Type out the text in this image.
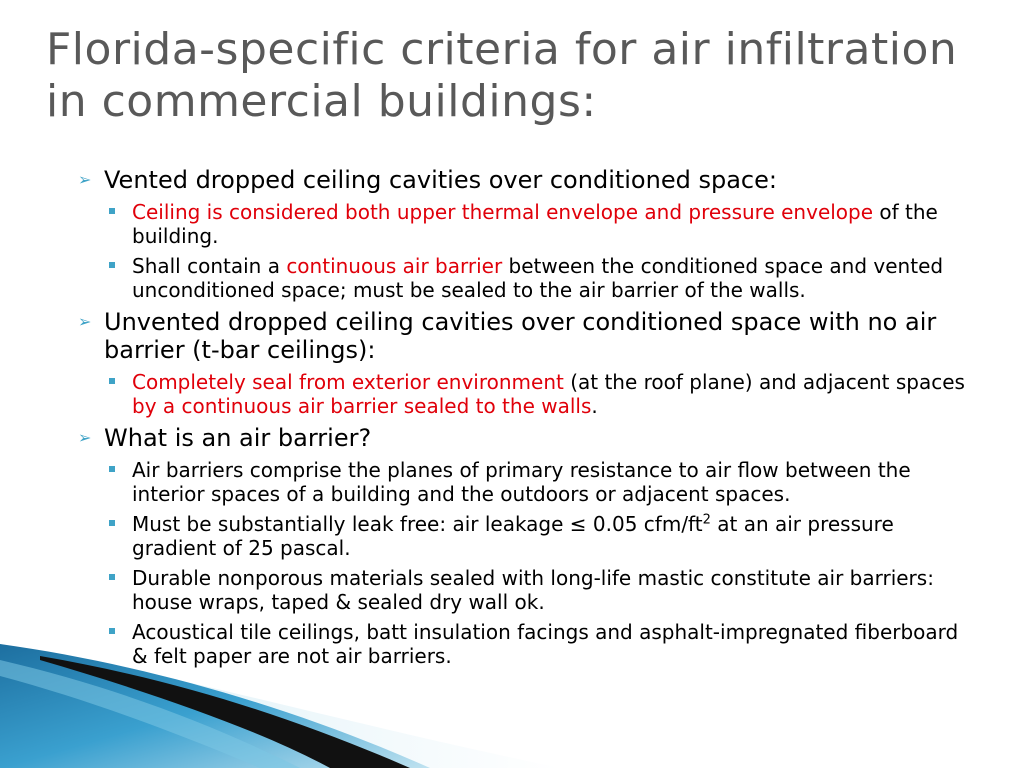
Florida-specific criteria for air infiltration in commercial buildings:
➢ Vented dropped ceiling cavities over conditioned space:
Ceiling is considered both upper thermal envelope and pressure envelope of the building.
Shall contain a continuous air barrier between the conditioned space and vented unconditioned space; must be sealed to the air barrier of the walls.
➢ Unvented dropped ceiling cavities over conditioned space with no air barrier (t-bar ceilings):
Completely seal from exterior environment (at the roof plane) and adjacent spaces by a continuous air barrier sealed to the walls.
➢ What is an air barrier?
Air barriers comprise the planes of primary resistance to air flow between the interior spaces of a building and the outdoors or adjacent spaces.
Must be substantially leak free: air leakage ≤ 0.05 cfm/$ft^2$ at an air pressure gradient of 25 pascal.
Durable nonporous materials sealed with long-life mastic constitute air barriers: house wraps, taped & sealed dry wall ok.
Acoustical tile ceilings, batt insulation facings and asphalt-impregnated fiberboard & felt paper are not air barriers.
